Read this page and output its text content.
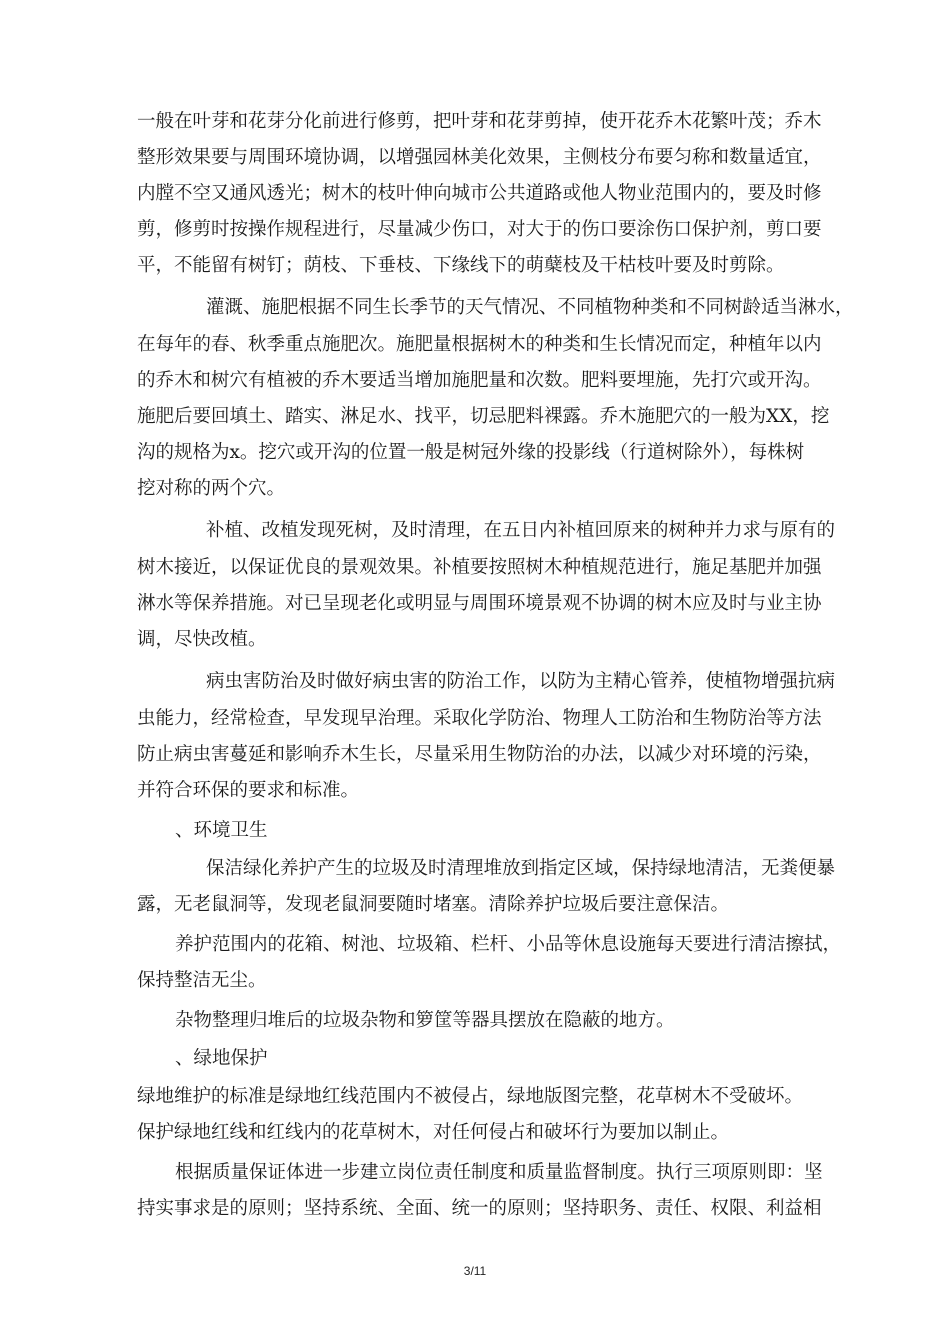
一般在叶芽和花芽分化前进行修剪，把叶芽和花芽剪掉，使开花乔木花繁叶茂；乔木
整形效果要与周围环境协调，以增强园林美化效果，主侧枝分布要匀称和数量适宜，
内膛不空又通风透光；树木的枝叶伸向城市公共道路或他人物业范围内的，要及时修
剪，修剪时按操作规程进行，尽量减少伤口，对大于的伤口要涂伤口保护剂，剪口要
平，不能留有树钉；荫枝、下垂枝、下缘线下的萌蘖枝及干枯枝叶要及时剪除。
灌溉、施肥根据不同生长季节的天气情况、不同植物种类和不同树龄适当淋水，
在每年的春、秋季重点施肥次。施肥量根据树木的种类和生长情况而定，种植年以内
的乔木和树穴有植被的乔木要适当增加施肥量和次数。肥料要埋施，先打穴或开沟。
施肥后要回填土、踏实、淋足水、找平，切忌肥料裸露。乔木施肥穴的一般为XX，挖
沟的规格为x。挖穴或开沟的位置一般是树冠外缘的投影线（行道树除外），每株树
挖对称的两个穴。
补植、改植发现死树，及时清理，在五日内补植回原来的树种并力求与原有的
树木接近，以保证优良的景观效果。补植要按照树木种植规范进行，施足基肥并加强
淋水等保养措施。对已呈现老化或明显与周围环境景观不协调的树木应及时与业主协
调，尽快改植。
病虫害防治及时做好病虫害的防治工作，以防为主精心管养，使植物增强抗病
虫能力，经常检查，早发现早治理。采取化学防治、物理人工防治和生物防治等方法
防止病虫害蔓延和影响乔木生长，尽量采用生物防治的办法，以减少对环境的污染，
并符合环保的要求和标准。
、环境卫生
保洁绿化养护产生的垃圾及时清理堆放到指定区域，保持绿地清洁，无粪便暴
露，无老鼠洞等，发现老鼠洞要随时堵塞。清除养护垃圾后要注意保洁。
养护范围内的花箱、树池、垃圾箱、栏杆、小品等休息设施每天要进行清洁擦拭，
保持整洁无尘。
杂物整理归堆后的垃圾杂物和箩筐等器具摆放在隐蔽的地方。
、绿地保护
绿地维护的标准是绿地红线范围内不被侵占，绿地版图完整，花草树木不受破坏。
保护绿地红线和红线内的花草树木，对任何侵占和破坏行为要加以制止。
根据质量保证体进一步建立岗位责任制度和质量监督制度。执行三项原则即：坚
持实事求是的原则；坚持系统、全面、统一的原则；坚持职务、责任、权限、利益相
3/11
